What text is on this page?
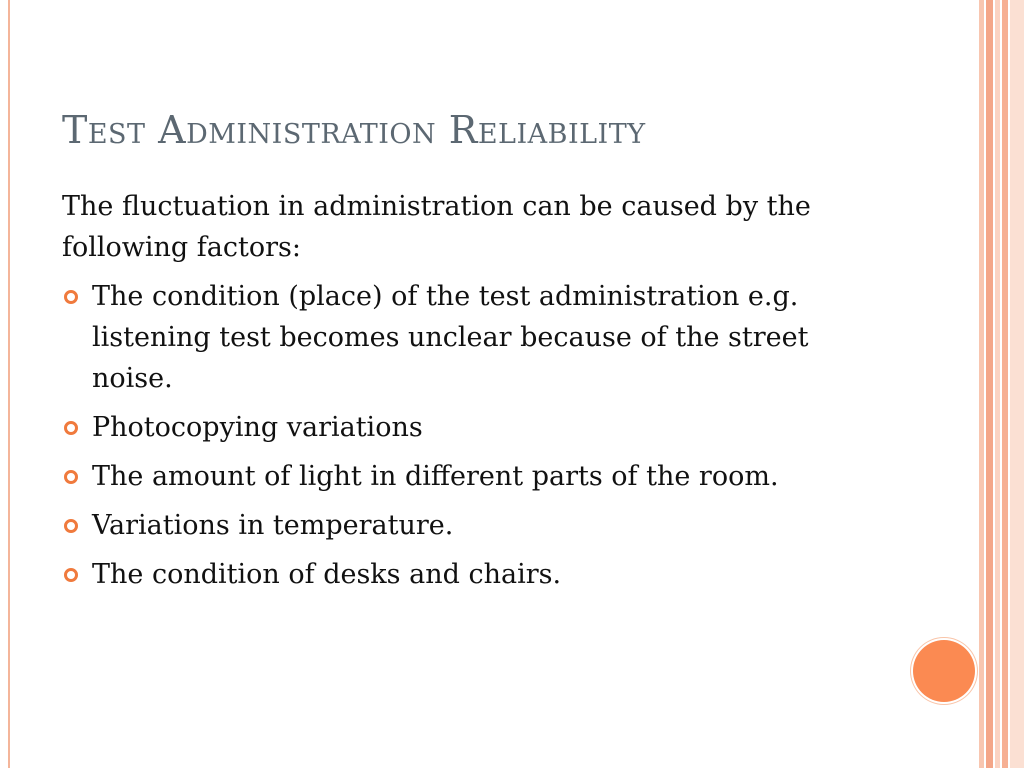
Test Administration Reliability

The fluctuation in administration can be caused by the following factors:

The condition (place) of the test administration e.g. listening test becomes unclear because of the street noise.
Photocopying variations
The amount of light in different parts of the room.
Variations in temperature.
The condition of desks and chairs.
